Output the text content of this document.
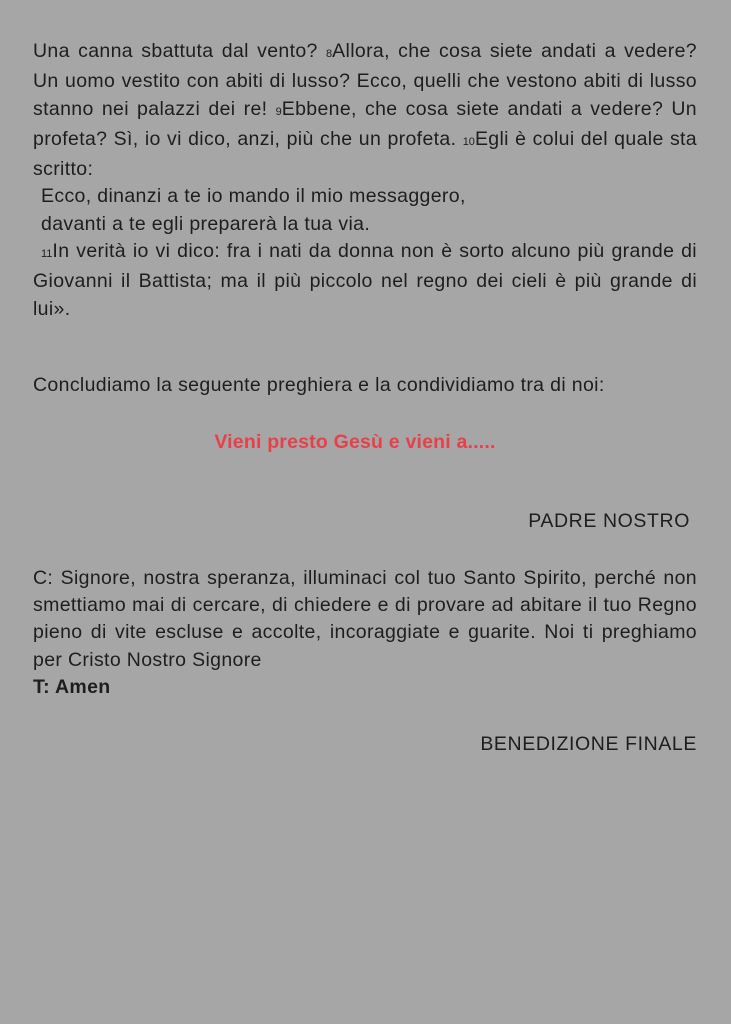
Una canna sbattuta dal vento? 8Allora, che cosa siete andati a vedere? Un uomo vestito con abiti di lusso? Ecco, quelli che vestono abiti di lusso stanno nei palazzi dei re! 9Ebbene, che cosa siete andati a vedere? Un profeta? Sì, io vi dico, anzi, più che un profeta. 10Egli è colui del quale sta scritto:

Ecco, dinanzi a te io mando il mio messaggero,
davanti a te egli preparerà la tua via.

11In verità io vi dico: fra i nati da donna non è sorto alcuno più grande di Giovanni il Battista; ma il più piccolo nel regno dei cieli è più grande di lui».

Concludiamo la seguente preghiera e la condividiamo tra di noi:

Vieni presto Gesù e vieni a.....
PADRE NOSTRO

C: Signore, nostra speranza, illuminaci col tuo Santo Spirito, perché non smettiamo mai di cercare, di chiedere e di provare ad abitare il tuo Regno pieno di vite escluse e accolte, incoraggiate e guarite. Noi ti preghiamo per Cristo Nostro Signore

T: Amen

BENEDIZIONE FINALE
